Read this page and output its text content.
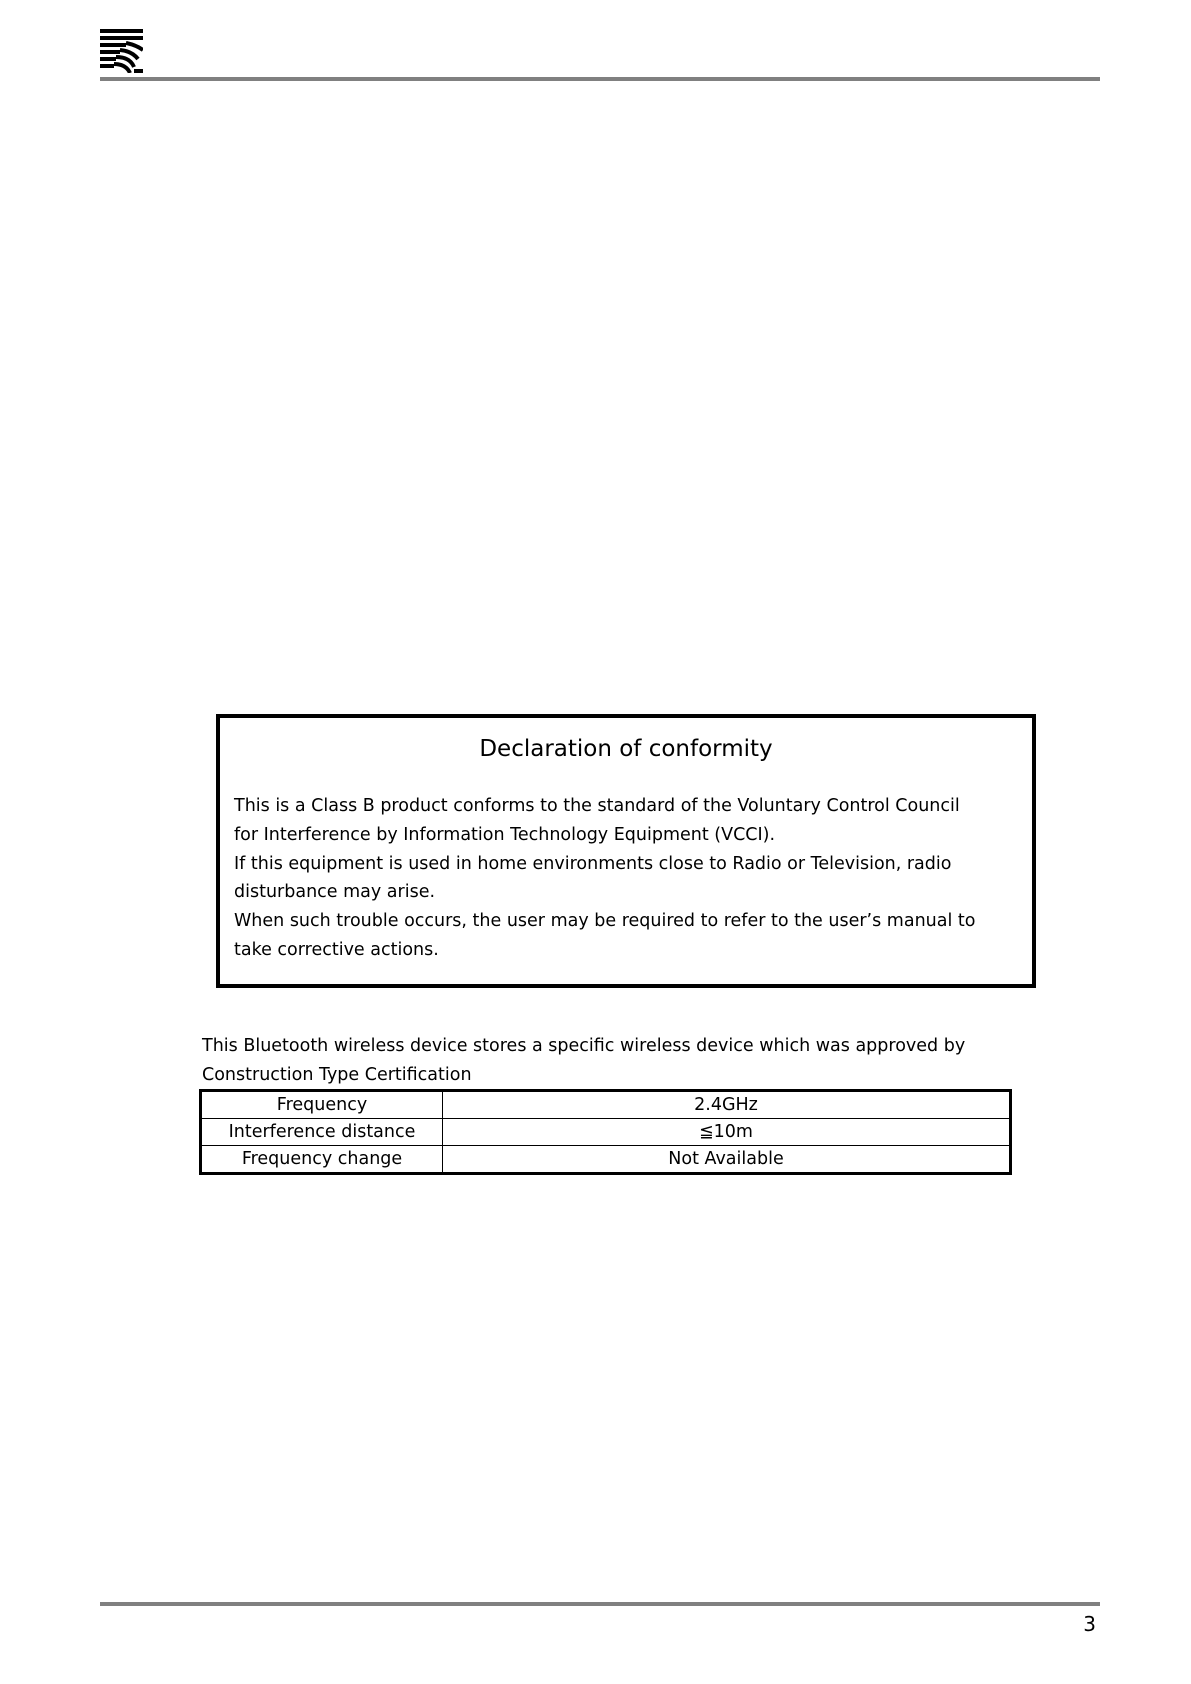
Declaration of conformity

This is a Class B product conforms to the standard of the Voluntary Control Council for Interference by Information Technology Equipment (VCCI).

If this equipment is used in home environments close to Radio or Television, radio disturbance may arise.

When such trouble occurs, the user may be required to refer to the user’s manual to take corrective actions.

This Bluetooth wireless device stores a specific wireless device which was approved by Construction Type Certification

Frequency	2.4GHz
Interference distance	≦10m
Frequency change	Not Available
3
